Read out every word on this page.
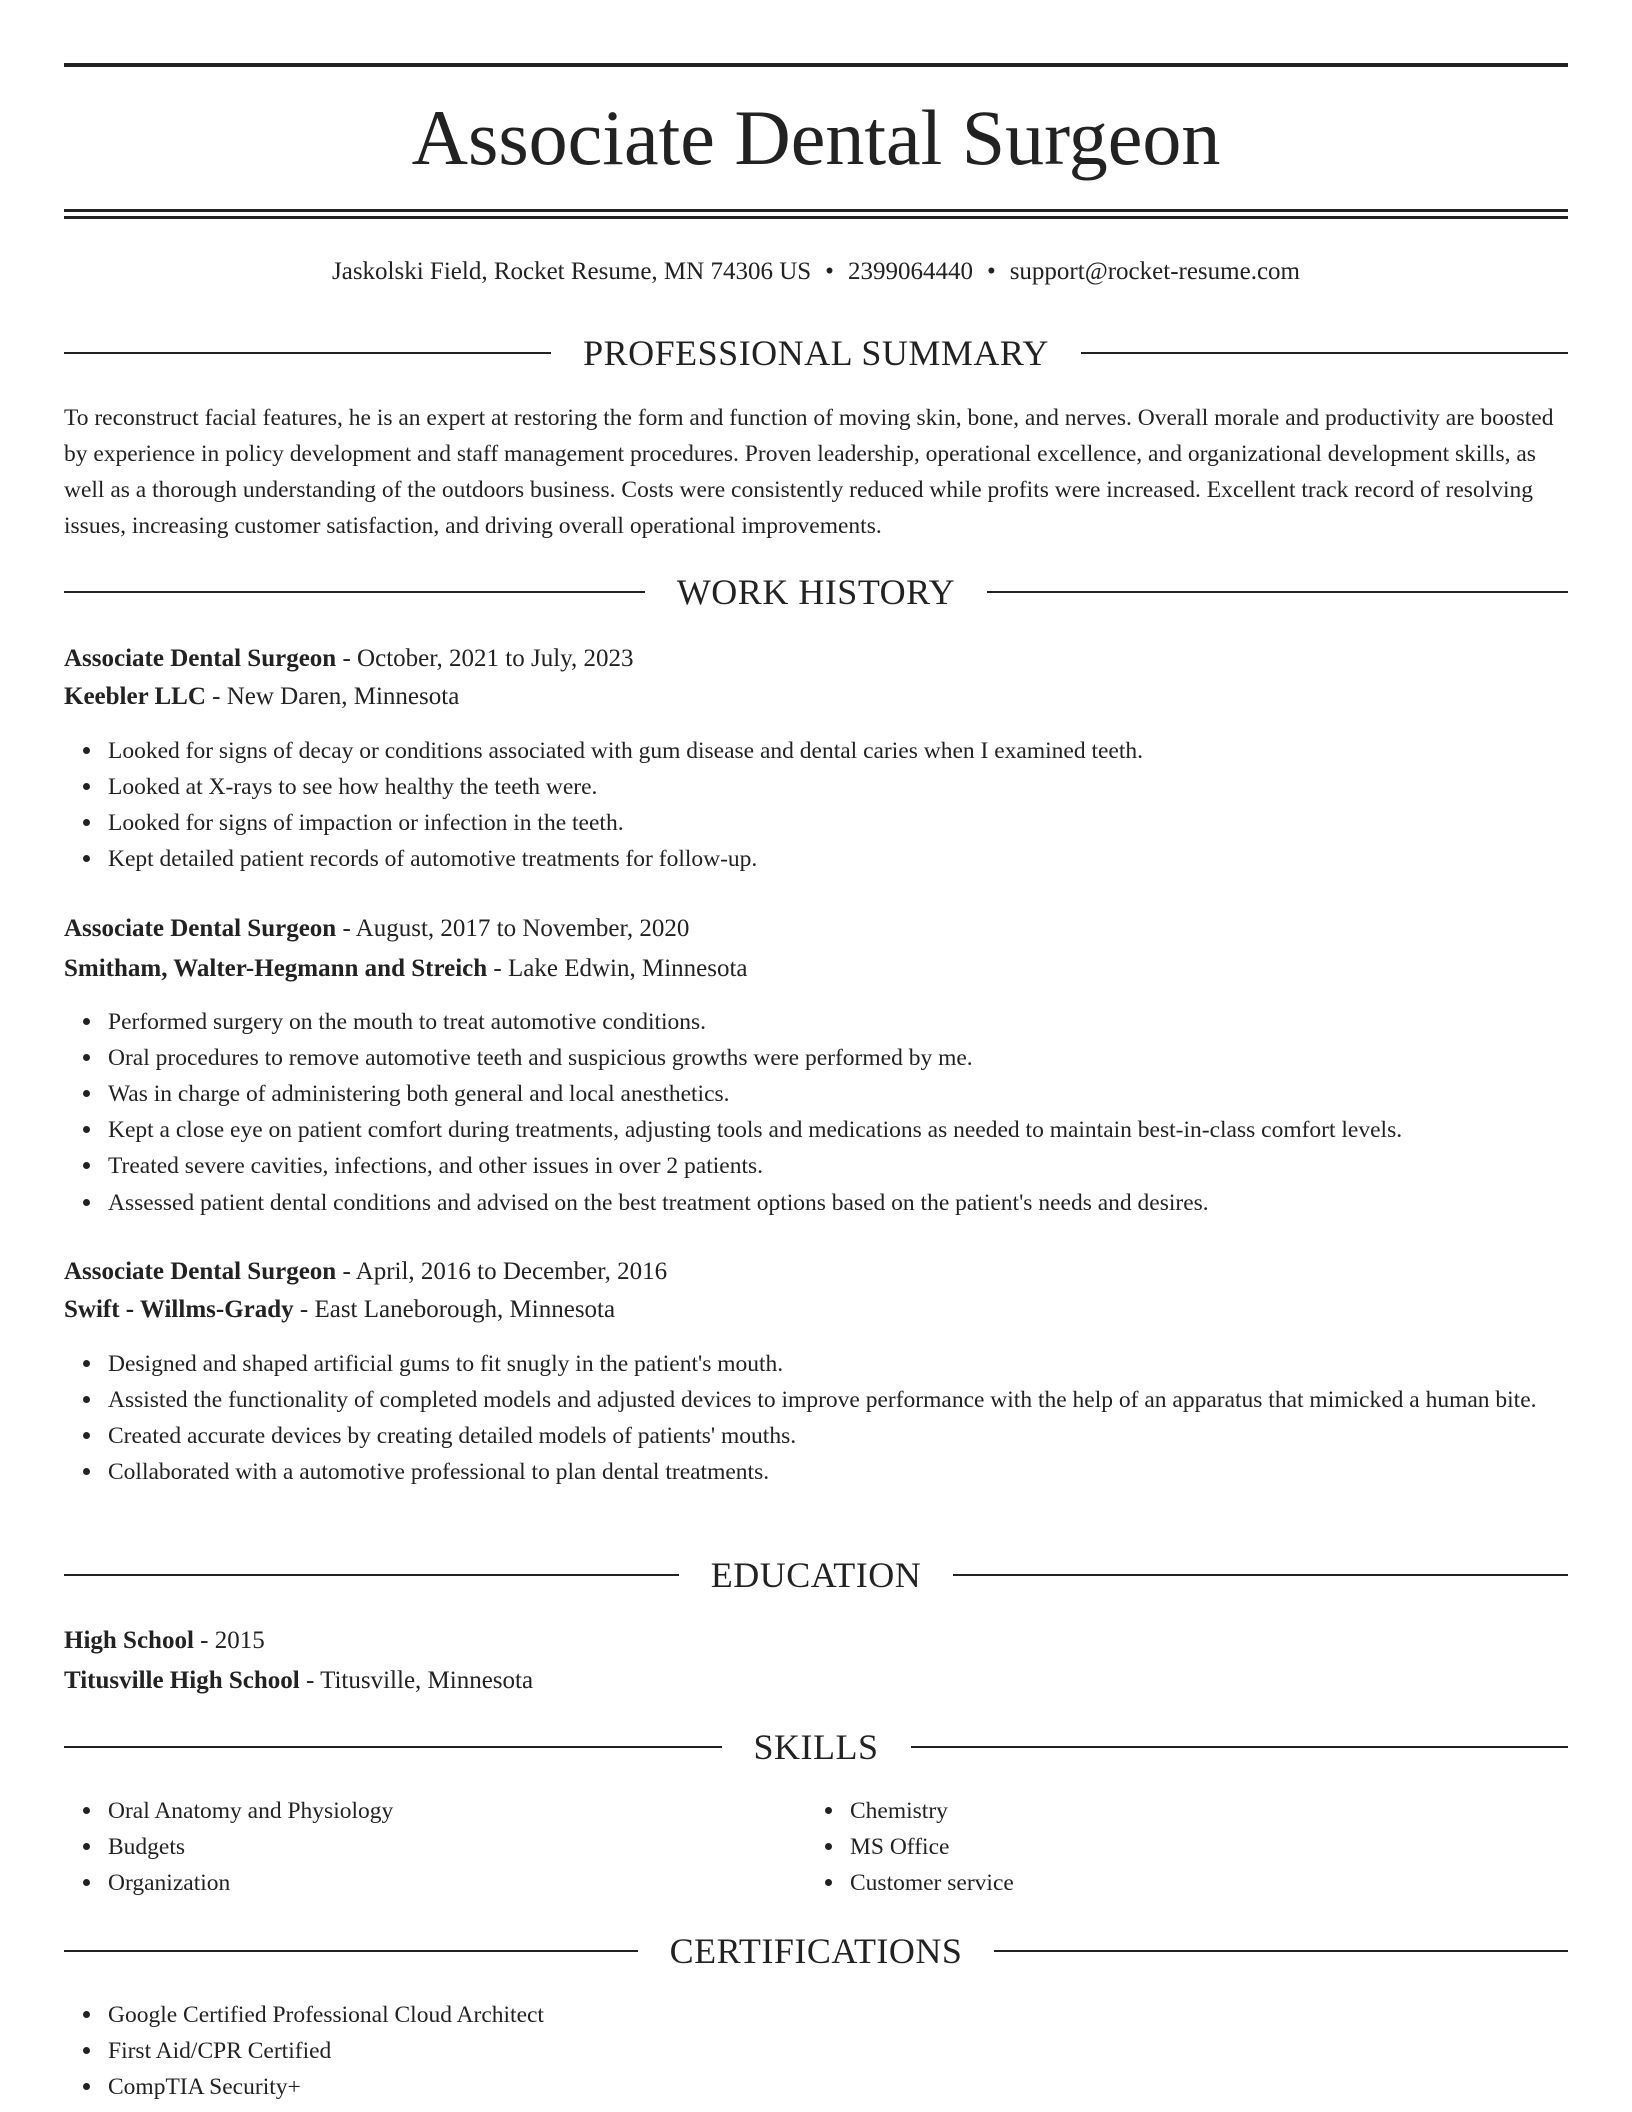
Associate Dental Surgeon
Jaskolski Field, Rocket Resume, MN 74306 US • 2399064440 • support@rocket-resume.com
PROFESSIONAL SUMMARY

To reconstruct facial features, he is an expert at restoring the form and function of moving skin, bone, and nerves. Overall morale and productivity are boosted by experience in policy development and staff management procedures. Proven leadership, operational excellence, and organizational development skills, as well as a thorough understanding of the outdoors business. Costs were consistently reduced while profits were increased. Excellent track record of resolving issues, increasing customer satisfaction, and driving overall operational improvements.

WORK HISTORY
Associate Dental Surgeon - October, 2021 to July, 2023
Keebler LLC - New Daren, Minnesota
Looked for signs of decay or conditions associated with gum disease and dental caries when I examined teeth.
Looked at X-rays to see how healthy the teeth were.
Looked for signs of impaction or infection in the teeth.
Kept detailed patient records of automotive treatments for follow-up.
Associate Dental Surgeon - August, 2017 to November, 2020
Smitham, Walter-Hegmann and Streich - Lake Edwin, Minnesota
Performed surgery on the mouth to treat automotive conditions.
Oral procedures to remove automotive teeth and suspicious growths were performed by me.
Was in charge of administering both general and local anesthetics.
Kept a close eye on patient comfort during treatments, adjusting tools and medications as needed to maintain best-in-class comfort levels.
Treated severe cavities, infections, and other issues in over 2 patients.
Assessed patient dental conditions and advised on the best treatment options based on the patient's needs and desires.
Associate Dental Surgeon - April, 2016 to December, 2016
Swift - Willms-Grady - East Laneborough, Minnesota
Designed and shaped artificial gums to fit snugly in the patient's mouth.
Assisted the functionality of completed models and adjusted devices to improve performance with the help of an apparatus that mimicked a human bite.
Created accurate devices by creating detailed models of patients' mouths.
Collaborated with a automotive professional to plan dental treatments.
EDUCATION
High School - 2015
Titusville High School - Titusville, Minnesota
SKILLS
Oral Anatomy and Physiology
Budgets
Organization
Chemistry
MS Office
Customer service
CERTIFICATIONS
Google Certified Professional Cloud Architect
First Aid/CPR Certified
CompTIA Security+
